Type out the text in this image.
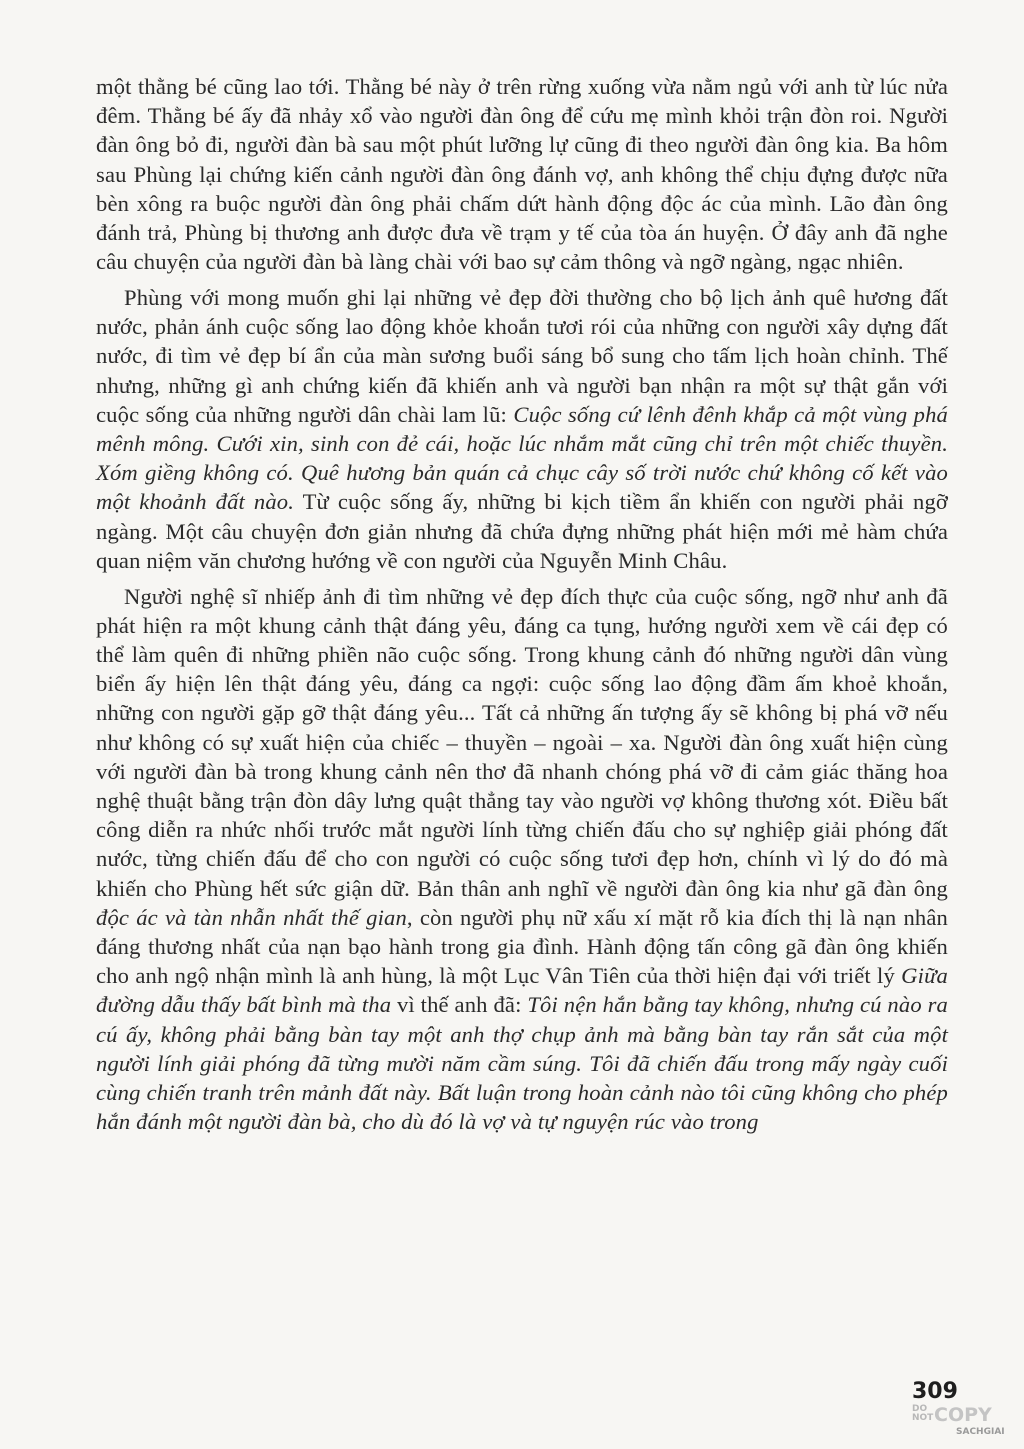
một thằng bé cũng lao tới. Thằng bé này ở trên rừng xuống vừa nằm ngủ với anh từ lúc nửa đêm. Thằng bé ấy đã nhảy xổ vào người đàn ông để cứu mẹ mình khỏi trận đòn roi. Người đàn ông bỏ đi, người đàn bà sau một phút lưỡng lự cũng đi theo người đàn ông kia. Ba hôm sau Phùng lại chứng kiến cảnh người đàn ông đánh vợ, anh không thể chịu đựng được nữa bèn xông ra buộc người đàn ông phải chấm dứt hành động độc ác của mình. Lão đàn ông đánh trả, Phùng bị thương anh được đưa về trạm y tế của tòa án huyện. Ở đây anh đã nghe câu chuyện của người đàn bà làng chài với bao sự cảm thông và ngỡ ngàng, ngạc nhiên.

Phùng với mong muốn ghi lại những vẻ đẹp đời thường cho bộ lịch ảnh quê hương đất nước, phản ánh cuộc sống lao động khỏe khoắn tươi rói của những con người xây dựng đất nước, đi tìm vẻ đẹp bí ẩn của màn sương buổi sáng bổ sung cho tấm lịch hoàn chỉnh. Thế nhưng, những gì anh chứng kiến đã khiến anh và người bạn nhận ra một sự thật gắn với cuộc sống của những người dân chài lam lũ: Cuộc sống cứ lênh đênh khắp cả một vùng phá mênh mông. Cưới xin, sinh con đẻ cái, hoặc lúc nhắm mắt cũng chỉ trên một chiếc thuyền. Xóm giềng không có. Quê hương bản quán cả chục cây số trời nước chứ không cố kết vào một khoảnh đất nào. Từ cuộc sống ấy, những bi kịch tiềm ẩn khiến con người phải ngỡ ngàng. Một câu chuyện đơn giản nhưng đã chứa đựng những phát hiện mới mẻ hàm chứa quan niệm văn chương hướng về con người của Nguyễn Minh Châu.

Người nghệ sĩ nhiếp ảnh đi tìm những vẻ đẹp đích thực của cuộc sống, ngỡ như anh đã phát hiện ra một khung cảnh thật đáng yêu, đáng ca tụng, hướng người xem về cái đẹp có thể làm quên đi những phiền não cuộc sống. Trong khung cảnh đó những người dân vùng biển ấy hiện lên thật đáng yêu, đáng ca ngợi: cuộc sống lao động đầm ấm khoẻ khoắn, những con người gặp gỡ thật đáng yêu... Tất cả những ấn tượng ấy sẽ không bị phá vỡ nếu như không có sự xuất hiện của chiếc – thuyền – ngoài – xa. Người đàn ông xuất hiện cùng với người đàn bà trong khung cảnh nên thơ đã nhanh chóng phá vỡ đi cảm giác thăng hoa nghệ thuật bằng trận đòn dây lưng quật thẳng tay vào người vợ không thương xót. Điều bất công diễn ra nhức nhối trước mắt người lính từng chiến đấu cho sự nghiệp giải phóng đất nước, từng chiến đấu để cho con người có cuộc sống tươi đẹp hơn, chính vì lý do đó mà khiến cho Phùng hết sức giận dữ. Bản thân anh nghĩ về người đàn ông kia như gã đàn ông độc ác và tàn nhẫn nhất thế gian, còn người phụ nữ xấu xí mặt rỗ kia đích thị là nạn nhân đáng thương nhất của nạn bạo hành trong gia đình. Hành động tấn công gã đàn ông khiến cho anh ngộ nhận mình là anh hùng, là một Lục Vân Tiên của thời hiện đại với triết lý Giữa đường dẫu thấy bất bình mà tha vì thế anh đã: Tôi nện hắn bằng tay không, nhưng cú nào ra cú ấy, không phải bằng bàn tay một anh thợ chụp ảnh mà bằng bàn tay rắn sắt của một người lính giải phóng đã từng mười năm cầm súng. Tôi đã chiến đấu trong mấy ngày cuối cùng chiến tranh trên mảnh đất này. Bất luận trong hoàn cảnh nào tôi cũng không cho phép hắn đánh một người đàn bà, cho dù đó là vợ và tự nguyện rúc vào trong

309
DO
NOT COPY
SACHGIAI
